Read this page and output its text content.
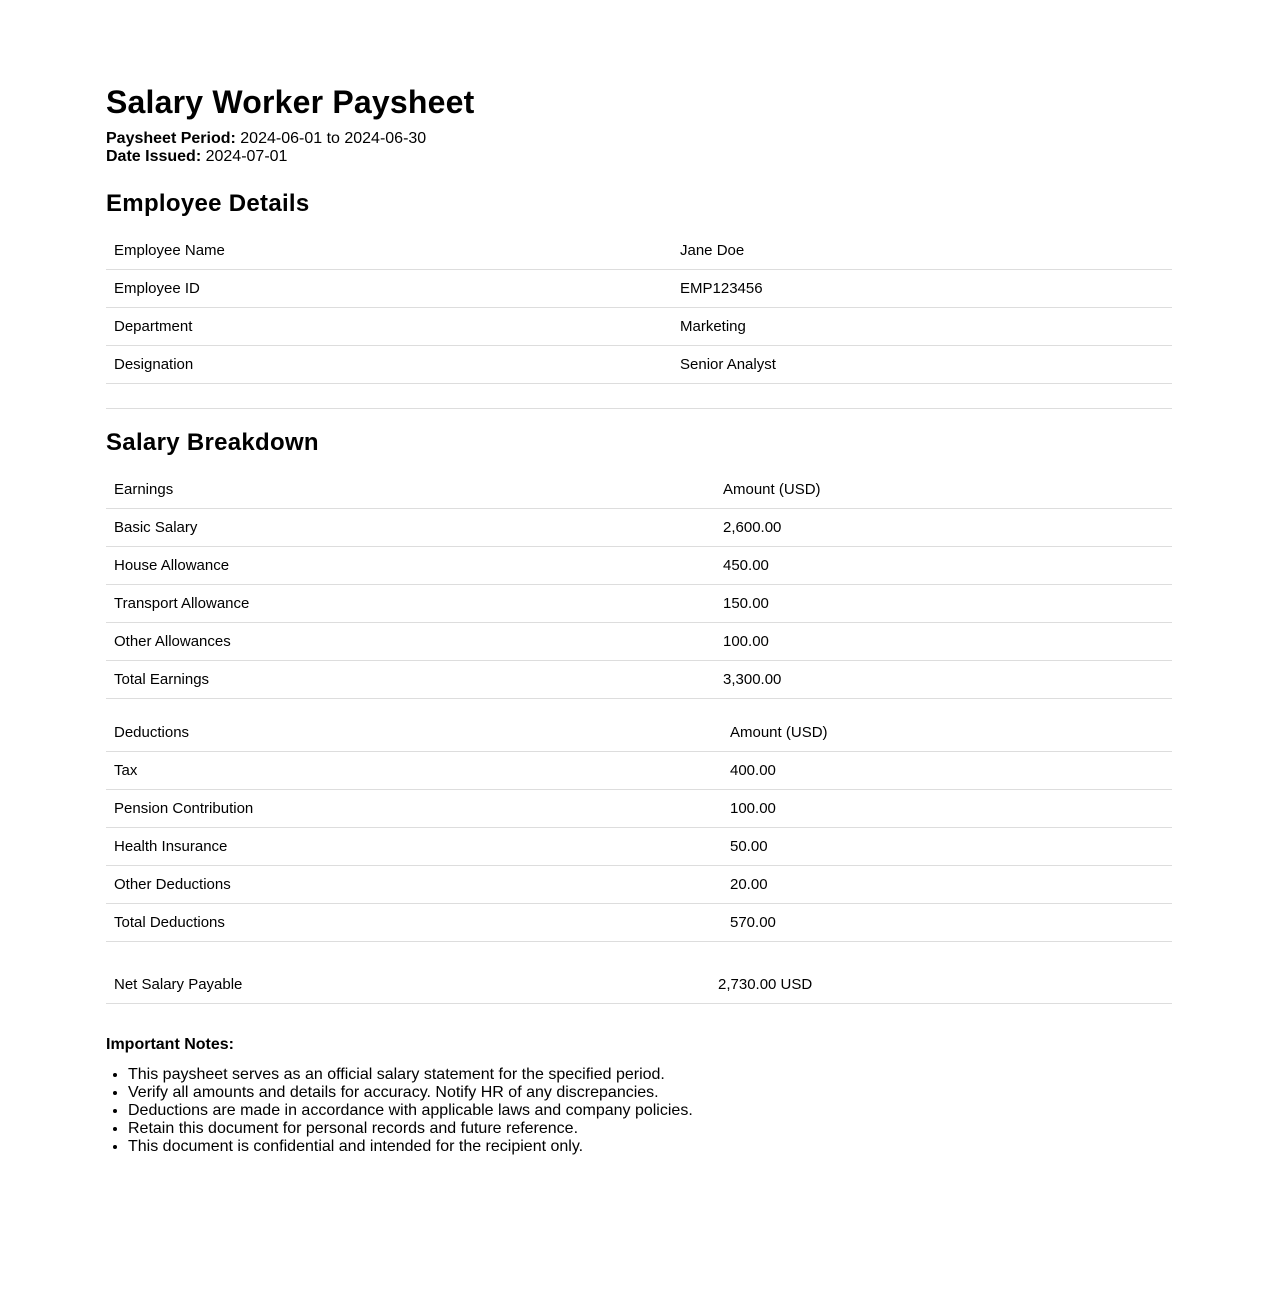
Salary Worker Paysheet
Paysheet Period: 2024-06-01 to 2024-06-30
Date Issued: 2024-07-01
Employee Details
Employee Name	Jane Doe
Employee ID	EMP123456
Department	Marketing
Designation	Senior Analyst
Salary Breakdown
Earnings	Amount (USD)
Basic Salary	2,600.00
House Allowance	450.00
Transport Allowance	150.00
Other Allowances	100.00
Total Earnings	3,300.00
Deductions	Amount (USD)
Tax	400.00
Pension Contribution	100.00
Health Insurance	50.00
Other Deductions	20.00
Total Deductions	570.00
Net Salary Payable	2,730.00 USD
Important Notes:
• This paysheet serves as an official salary statement for the specified period.
• Verify all amounts and details for accuracy. Notify HR of any discrepancies.
• Deductions are made in accordance with applicable laws and company policies.
• Retain this document for personal records and future reference.
• This document is confidential and intended for the recipient only.
